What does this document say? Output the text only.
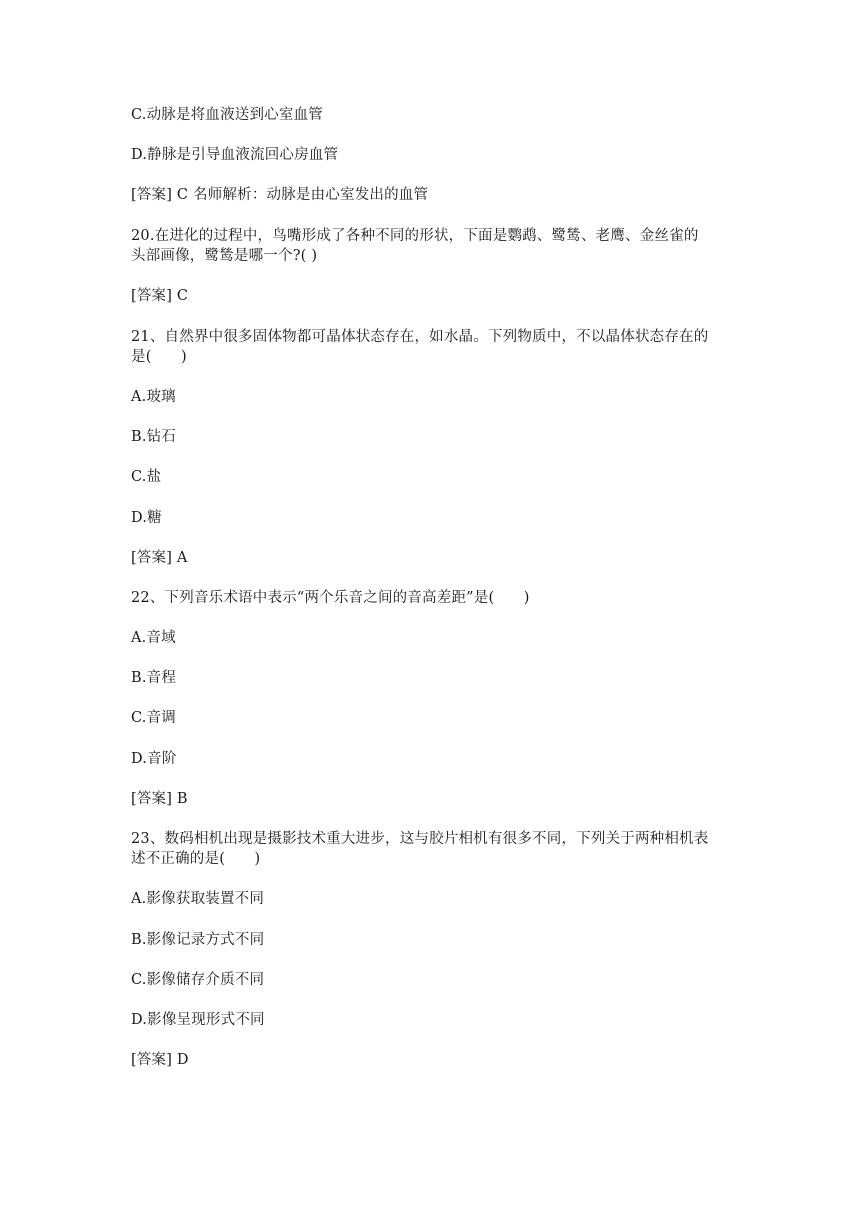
C.动脉是将血液送到心室血管
D.静脉是引导血液流回心房血管
[答案] C 名师解析：动脉是由心室发出的血管
20.在进化的过程中，鸟嘴形成了各种不同的形状，下面是鹦鹉、鹭鸶、老鹰、金丝雀的
头部画像，鹭鸶是哪一个?( )
[答案] C
21、自然界中很多固体物都可晶体状态存在，如水晶。下列物质中，不以晶体状态存在的
是(　　)
A.玻璃
B.钻石
C.盐
D.糖
[答案] A
22、下列音乐术语中表示“两个乐音之间的音高差距”是(　　)
A.音域
B.音程
C.音调
D.音阶
[答案] B
23、数码相机出现是摄影技术重大进步，这与胶片相机有很多不同，下列关于两种相机表
述不正确的是(　　)
A.影像获取装置不同
B.影像记录方式不同
C.影像储存介质不同
D.影像呈现形式不同
[答案] D
